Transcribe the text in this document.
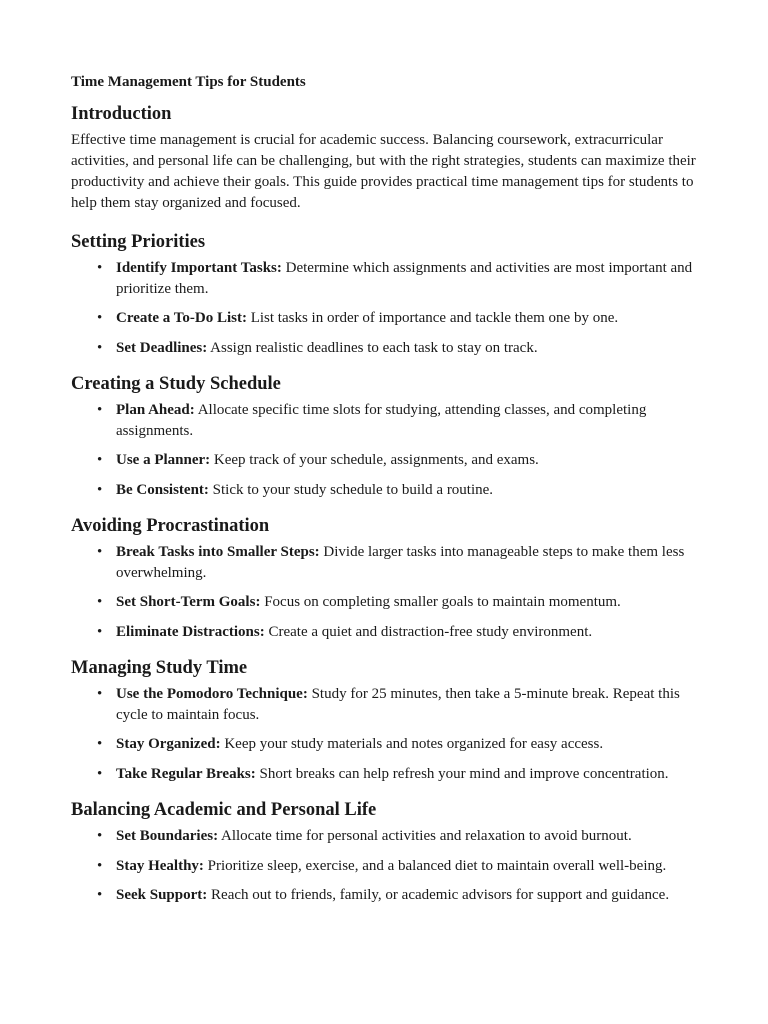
Time Management Tips for Students
Introduction

Effective time management is crucial for academic success. Balancing coursework, extracurricular activities, and personal life can be challenging, but with the right strategies, students can maximize their productivity and achieve their goals. This guide provides practical time management tips for students to help them stay organized and focused.

Setting Priorities
• Identify Important Tasks: Determine which assignments and activities are most important and prioritize them.
• Create a To-Do List: List tasks in order of importance and tackle them one by one.
• Set Deadlines: Assign realistic deadlines to each task to stay on track.
Creating a Study Schedule
• Plan Ahead: Allocate specific time slots for studying, attending classes, and completing assignments.
• Use a Planner: Keep track of your schedule, assignments, and exams.
• Be Consistent: Stick to your study schedule to build a routine.
Avoiding Procrastination
• Break Tasks into Smaller Steps: Divide larger tasks into manageable steps to make them less overwhelming.
• Set Short-Term Goals: Focus on completing smaller goals to maintain momentum.
• Eliminate Distractions: Create a quiet and distraction-free study environment.
Managing Study Time
• Use the Pomodoro Technique: Study for 25 minutes, then take a 5-minute break. Repeat this cycle to maintain focus.
• Stay Organized: Keep your study materials and notes organized for easy access.
• Take Regular Breaks: Short breaks can help refresh your mind and improve concentration.
Balancing Academic and Personal Life
• Set Boundaries: Allocate time for personal activities and relaxation to avoid burnout.
• Stay Healthy: Prioritize sleep, exercise, and a balanced diet to maintain overall well-being.
• Seek Support: Reach out to friends, family, or academic advisors for support and guidance.
